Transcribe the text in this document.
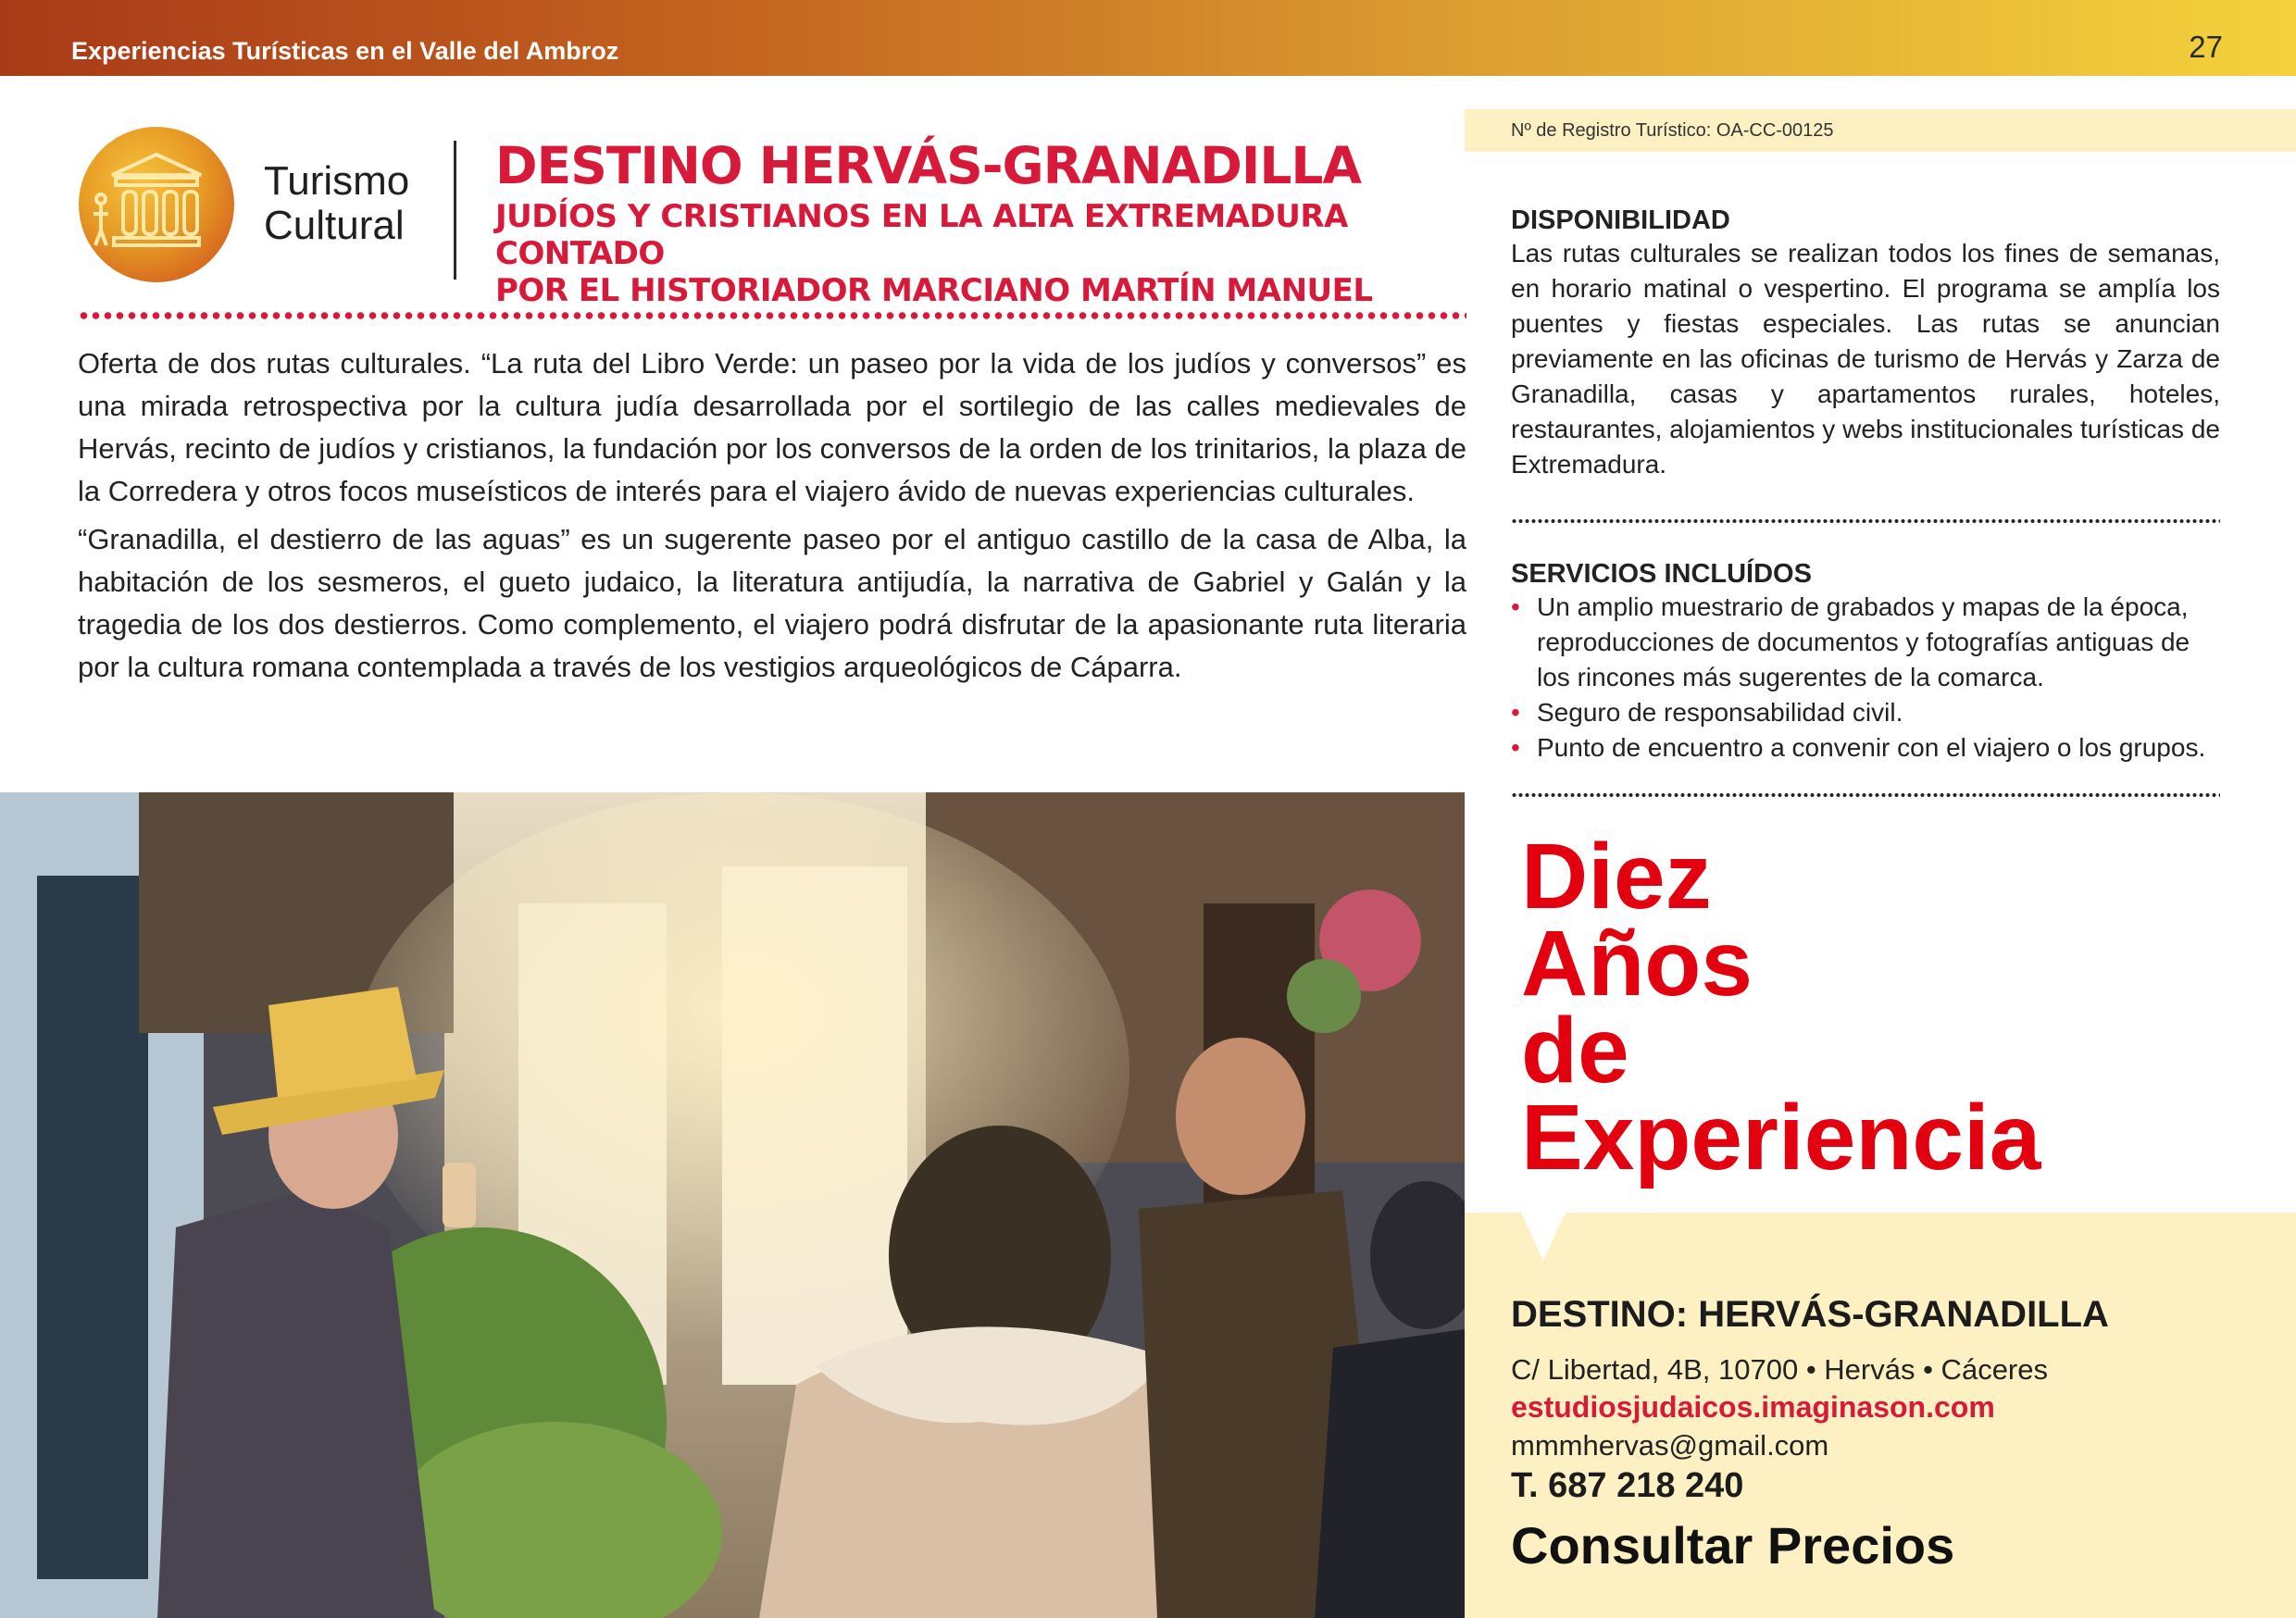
Experiencias Turísticas en el Valle del Ambroz	27
Turismo
Cultural
DESTINO HERVÁS-GRANADILLA
JUDÍOS Y CRISTIANOS EN LA ALTA EXTREMADURA CONTADO
POR EL HISTORIADOR MARCIANO MARTÍN MANUEL

Oferta de dos rutas culturales. “La ruta del Libro Verde: un paseo por la vida de los judíos y conversos” es una mirada retrospectiva por la cultura judía desarrollada por el sortilegio de las calles medievales de Hervás, recinto de judíos y cristianos, la fundación por los conversos de la orden de los trinitarios, la plaza de la Corredera y otros focos museísticos de interés para el viajero ávido de nuevas experiencias culturales.

“Granadilla, el destierro de las aguas” es un sugerente paseo por el antiguo castillo de la casa de Alba, la habitación de los sesmeros, el gueto judaico, la literatura antijudía, la narrativa de Gabriel y Galán y la tragedia de los dos destierros. Como complemento, el viajero podrá disfrutar de la apasionante ruta literaria por la cultura romana contemplada a través de los vestigios arqueológicos de Cáparra.

Nº de Registro Turístico: OA-CC-00125
DISPONIBILIDAD
Las rutas culturales se realizan todos los fines de semanas, en horario matinal o vespertino. El programa se amplía los puentes y fiestas especiales. Las rutas se anuncian previamente en las oficinas de turismo de Hervás y Zarza de Granadilla, casas y apartamentos rurales, hoteles, restaurantes, alojamientos y webs institucionales turísticas de Extremadura.
SERVICIOS INCLUÍDOS
• Un amplio muestrario de grabados y mapas de la época, reproducciones de documentos y fotografías antiguas de los rincones más sugerentes de la comarca.
• Seguro de responsabilidad civil.
• Punto de encuentro a convenir con el viajero o los grupos.
Diez
Años
de
Experiencia
DESTINO: HERVÁS-GRANADILLA
C/ Libertad, 4B, 10700 • Hervás • Cáceres
estudiosjudaicos.imaginason.com
mmmhervas@gmail.com
T. 687 218 240
Consultar Precios
